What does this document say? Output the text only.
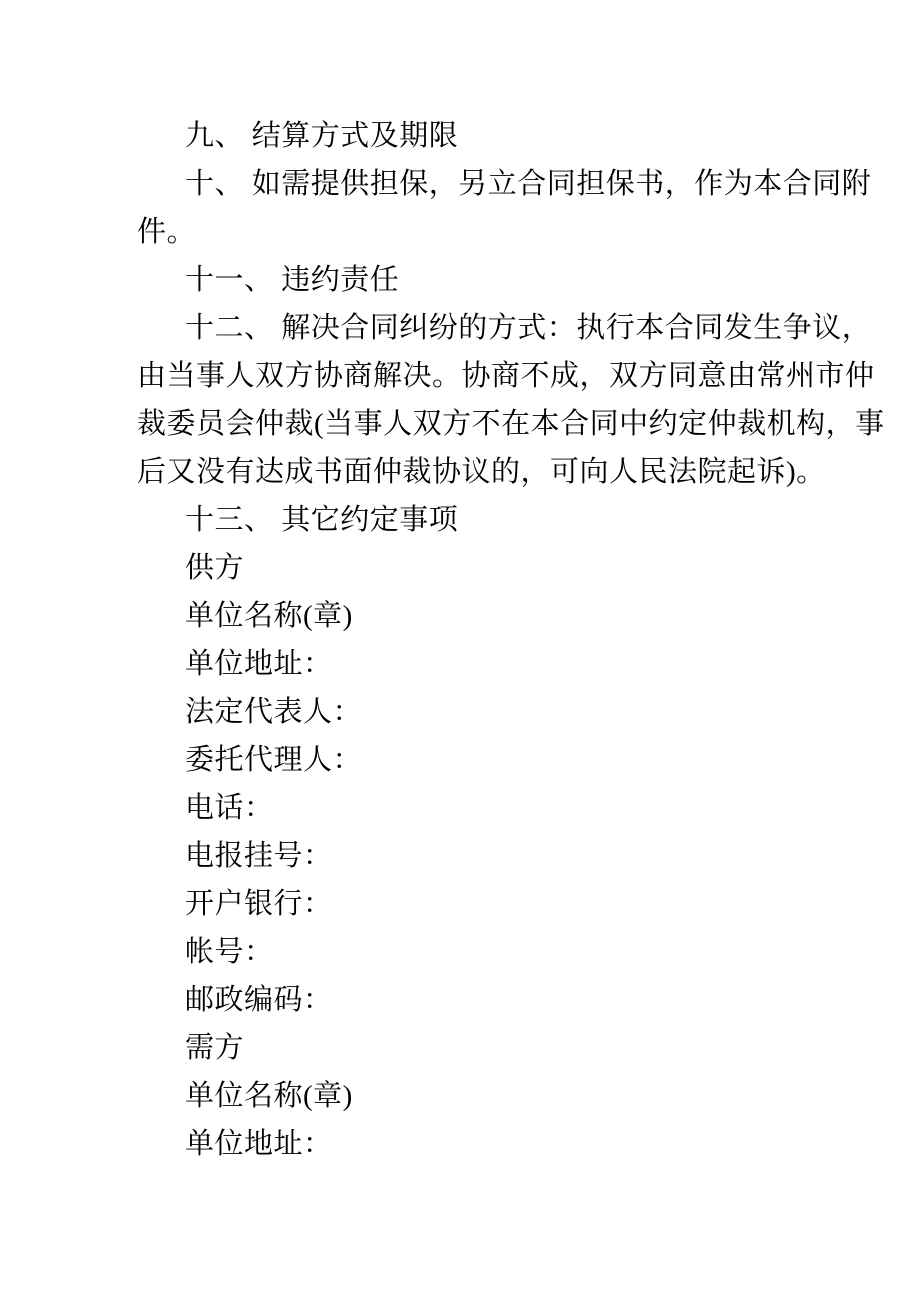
九、 结算方式及期限
十、 如需提供担保，另立合同担保书，作为本合同附
件。
十一、 违约责任
十二、 解决合同纠纷的方式：执行本合同发生争议，
由当事人双方协商解决。协商不成，双方同意由常州市仲
裁委员会仲裁(当事人双方不在本合同中约定仲裁机构，事
后又没有达成书面仲裁协议的，可向人民法院起诉)。
十三、 其它约定事项
供方
单位名称(章)
单位地址：
法定代表人：
委托代理人：
电话：
电报挂号：
开户银行：
帐号：
邮政编码：
需方
单位名称(章)
单位地址：
